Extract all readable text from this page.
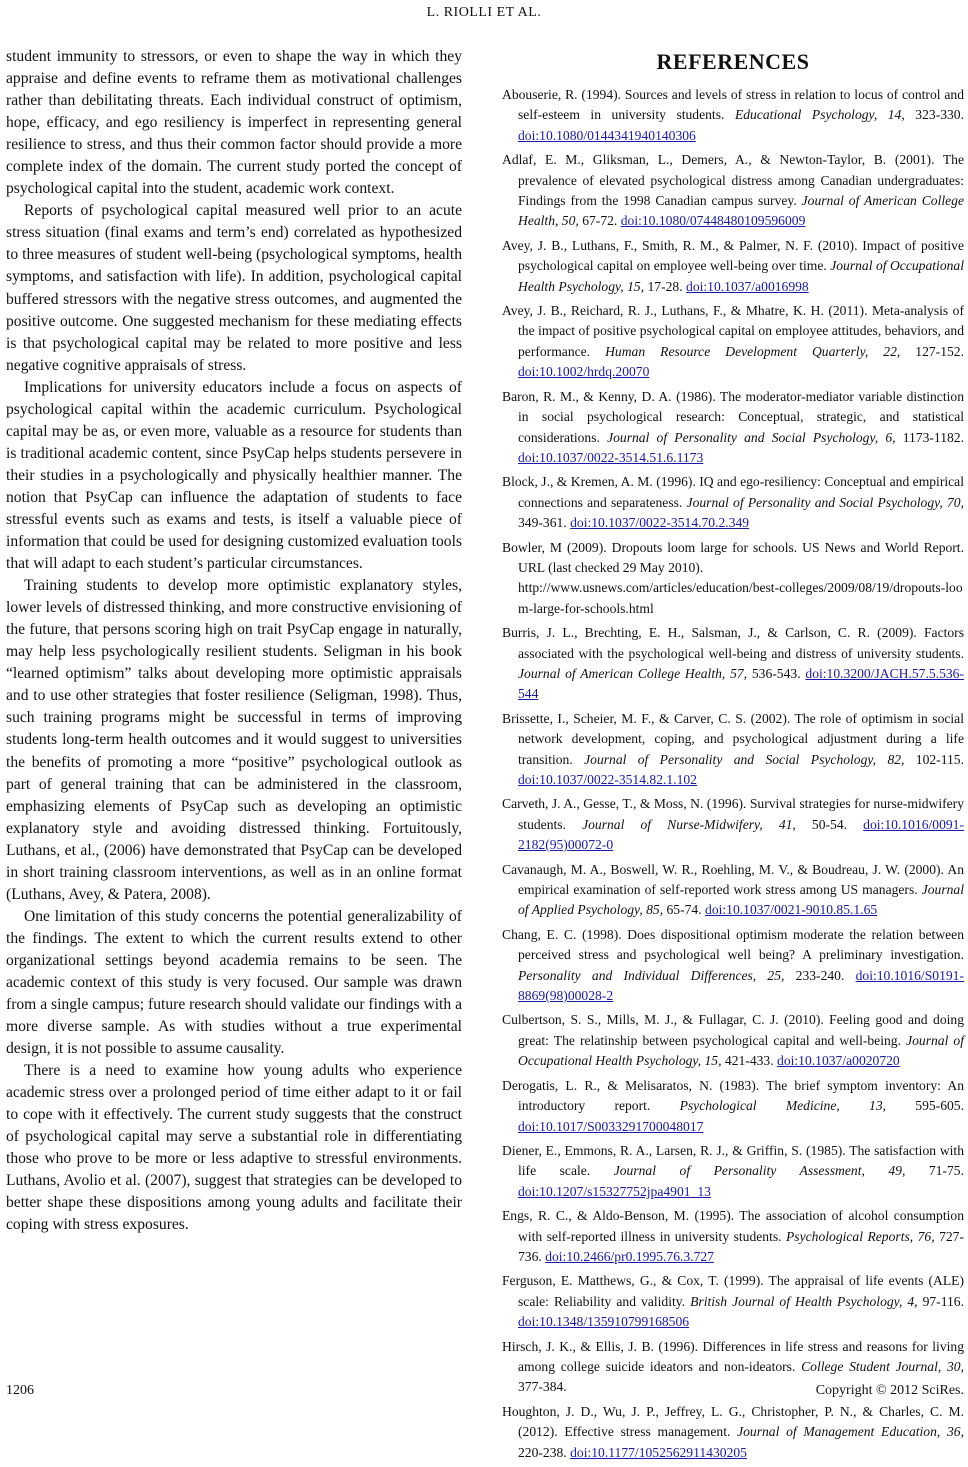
L. RIOLLI ET AL.

student immunity to stressors, or even to shape the way in which they appraise and define events to reframe them as motivational challenges rather than debilitating threats. Each individual construct of optimism, hope, efficacy, and ego resiliency is imperfect in representing general resilience to stress, and thus their common factor should provide a more complete index of the domain. The current study ported the concept of psychological capital into the student, academic work context.

Reports of psychological capital measured well prior to an acute stress situation (final exams and term’s end) correlated as hypothesized to three measures of student well-being (psychological symptoms, health symptoms, and satisfaction with life). In addition, psychological capital buffered stressors with the negative stress outcomes, and augmented the positive outcome. One suggested mechanism for these mediating effects is that psychological capital may be related to more positive and less negative cognitive appraisals of stress.

Implications for university educators include a focus on aspects of psychological capital within the academic curriculum. Psychological capital may be as, or even more, valuable as a resource for students than is traditional academic content, since PsyCap helps students persevere in their studies in a psychologically and physically healthier manner. The notion that PsyCap can influence the adaptation of students to face stressful events such as exams and tests, is itself a valuable piece of information that could be used for designing customized evaluation tools that will adapt to each student’s particular circumstances.

Training students to develop more optimistic explanatory styles, lower levels of distressed thinking, and more constructive envisioning of the future, that persons scoring high on trait PsyCap engage in naturally, may help less psychologically resilient students. Seligman in his book “learned optimism” talks about developing more optimistic appraisals and to use other strategies that foster resilience (Seligman, 1998). Thus, such training programs might be successful in terms of improving students long-term health outcomes and it would suggest to universities the benefits of promoting a more “positive” psychological outlook as part of general training that can be administered in the classroom, emphasizing elements of PsyCap such as developing an optimistic explanatory style and avoiding distressed thinking. Fortuitously, Luthans, et al., (2006) have demonstrated that PsyCap can be developed in short training classroom interventions, as well as in an online format (Luthans, Avey, & Patera, 2008).

One limitation of this study concerns the potential generalizability of the findings. The extent to which the current results extend to other organizational settings beyond academia remains to be seen. The academic context of this study is very focused. Our sample was drawn from a single campus; future research should validate our findings with a more diverse sample. As with studies without a true experimental design, it is not possible to assume causality.

There is a need to examine how young adults who experience academic stress over a prolonged period of time either adapt to it or fail to cope with it effectively. The current study suggests that the construct of psychological capital may serve a substantial role in differentiating those who prove to be more or less adaptive to stressful environments. Luthans, Avolio et al. (2007), suggest that strategies can be developed to better shape these dispositions among young adults and facilitate their coping with stress exposures.

REFERENCES

Abouserie, R. (1994). Sources and levels of stress in relation to locus of control and self-esteem in university students. Educational Psychology, 14, 323-330. doi:10.1080/0144341940140306

Adlaf, E. M., Gliksman, L., Demers, A., & Newton-Taylor, B. (2001). The prevalence of elevated psychological distress among Canadian undergraduates: Findings from the 1998 Canadian campus survey. Journal of American College Health, 50, 67-72. doi:10.1080/07448480109596009

Avey, J. B., Luthans, F., Smith, R. M., & Palmer, N. F. (2010). Impact of positive psychological capital on employee well-being over time. Journal of Occupational Health Psychology, 15, 17-28. doi:10.1037/a0016998

Avey, J. B., Reichard, R. J., Luthans, F., & Mhatre, K. H. (2011). Meta-analysis of the impact of positive psychological capital on employee attitudes, behaviors, and performance. Human Resource Development Quarterly, 22, 127-152. doi:10.1002/hrdq.20070

Baron, R. M., & Kenny, D. A. (1986). The moderator-mediator variable distinction in social psychological research: Conceptual, strategic, and statistical considerations. Journal of Personality and Social Psychology, 6, 1173-1182. doi:10.1037/0022-3514.51.6.1173

Block, J., & Kremen, A. M. (1996). IQ and ego-resiliency: Conceptual and empirical connections and separateness. Journal of Personality and Social Psychology, 70, 349-361. doi:10.1037/0022-3514.70.2.349

Bowler, M (2009). Dropouts loom large for schools. US News and World Report. URL (last checked 29 May 2010).
http://www.usnews.com/articles/education/best-colleges/2009/08/19/dropouts-loom-large-for-schools.html

Burris, J. L., Brechting, E. H., Salsman, J., & Carlson, C. R. (2009). Factors associated with the psychological well-being and distress of university students. Journal of American College Health, 57, 536-543. doi:10.3200/JACH.57.5.536-544

Brissette, I., Scheier, M. F., & Carver, C. S. (2002). The role of optimism in social network development, coping, and psychological adjustment during a life transition. Journal of Personality and Social Psychology, 82, 102-115. doi:10.1037/0022-3514.82.1.102

Carveth, J. A., Gesse, T., & Moss, N. (1996). Survival strategies for nurse-midwifery students. Journal of Nurse-Midwifery, 41, 50-54. doi:10.1016/0091-2182(95)00072-0

Cavanaugh, M. A., Boswell, W. R., Roehling, M. V., & Boudreau, J. W. (2000). An empirical examination of self-reported work stress among US managers. Journal of Applied Psychology, 85, 65-74. doi:10.1037/0021-9010.85.1.65

Chang, E. C. (1998). Does dispositional optimism moderate the relation between perceived stress and psychological well being? A preliminary investigation. Personality and Individual Differences, 25, 233-240. doi:10.1016/S0191-8869(98)00028-2

Culbertson, S. S., Mills, M. J., & Fullagar, C. J. (2010). Feeling good and doing great: The relatinship between psychological capital and well-being. Journal of Occupational Health Psychology, 15, 421-433. doi:10.1037/a0020720

Derogatis, L. R., & Melisaratos, N. (1983). The brief symptom inventory: An introductory report. Psychological Medicine, 13, 595-605. doi:10.1017/S0033291700048017

Diener, E., Emmons, R. A., Larsen, R. J., & Griffin, S. (1985). The satisfaction with life scale. Journal of Personality Assessment, 49, 71-75. doi:10.1207/s15327752jpa4901_13

Engs, R. C., & Aldo-Benson, M. (1995). The association of alcohol consumption with self-reported illness in university students. Psychological Reports, 76, 727-736. doi:10.2466/pr0.1995.76.3.727

Ferguson, E. Matthews, G., & Cox, T. (1999). The appraisal of life events (ALE) scale: Reliability and validity. British Journal of Health Psychology, 4, 97-116. doi:10.1348/135910799168506

Hirsch, J. K., & Ellis, J. B. (1996). Differences in life stress and reasons for living among college suicide ideators and non-ideators. College Student Journal, 30, 377-384.

Houghton, J. D., Wu, J. P., Jeffrey, L. G., Christopher, P. N., & Charles, C. M. (2012). Effective stress management. Journal of Management Education, 36, 220-238. doi:10.1177/1052562911430205

1206	Copyright © 2012 SciRes.
